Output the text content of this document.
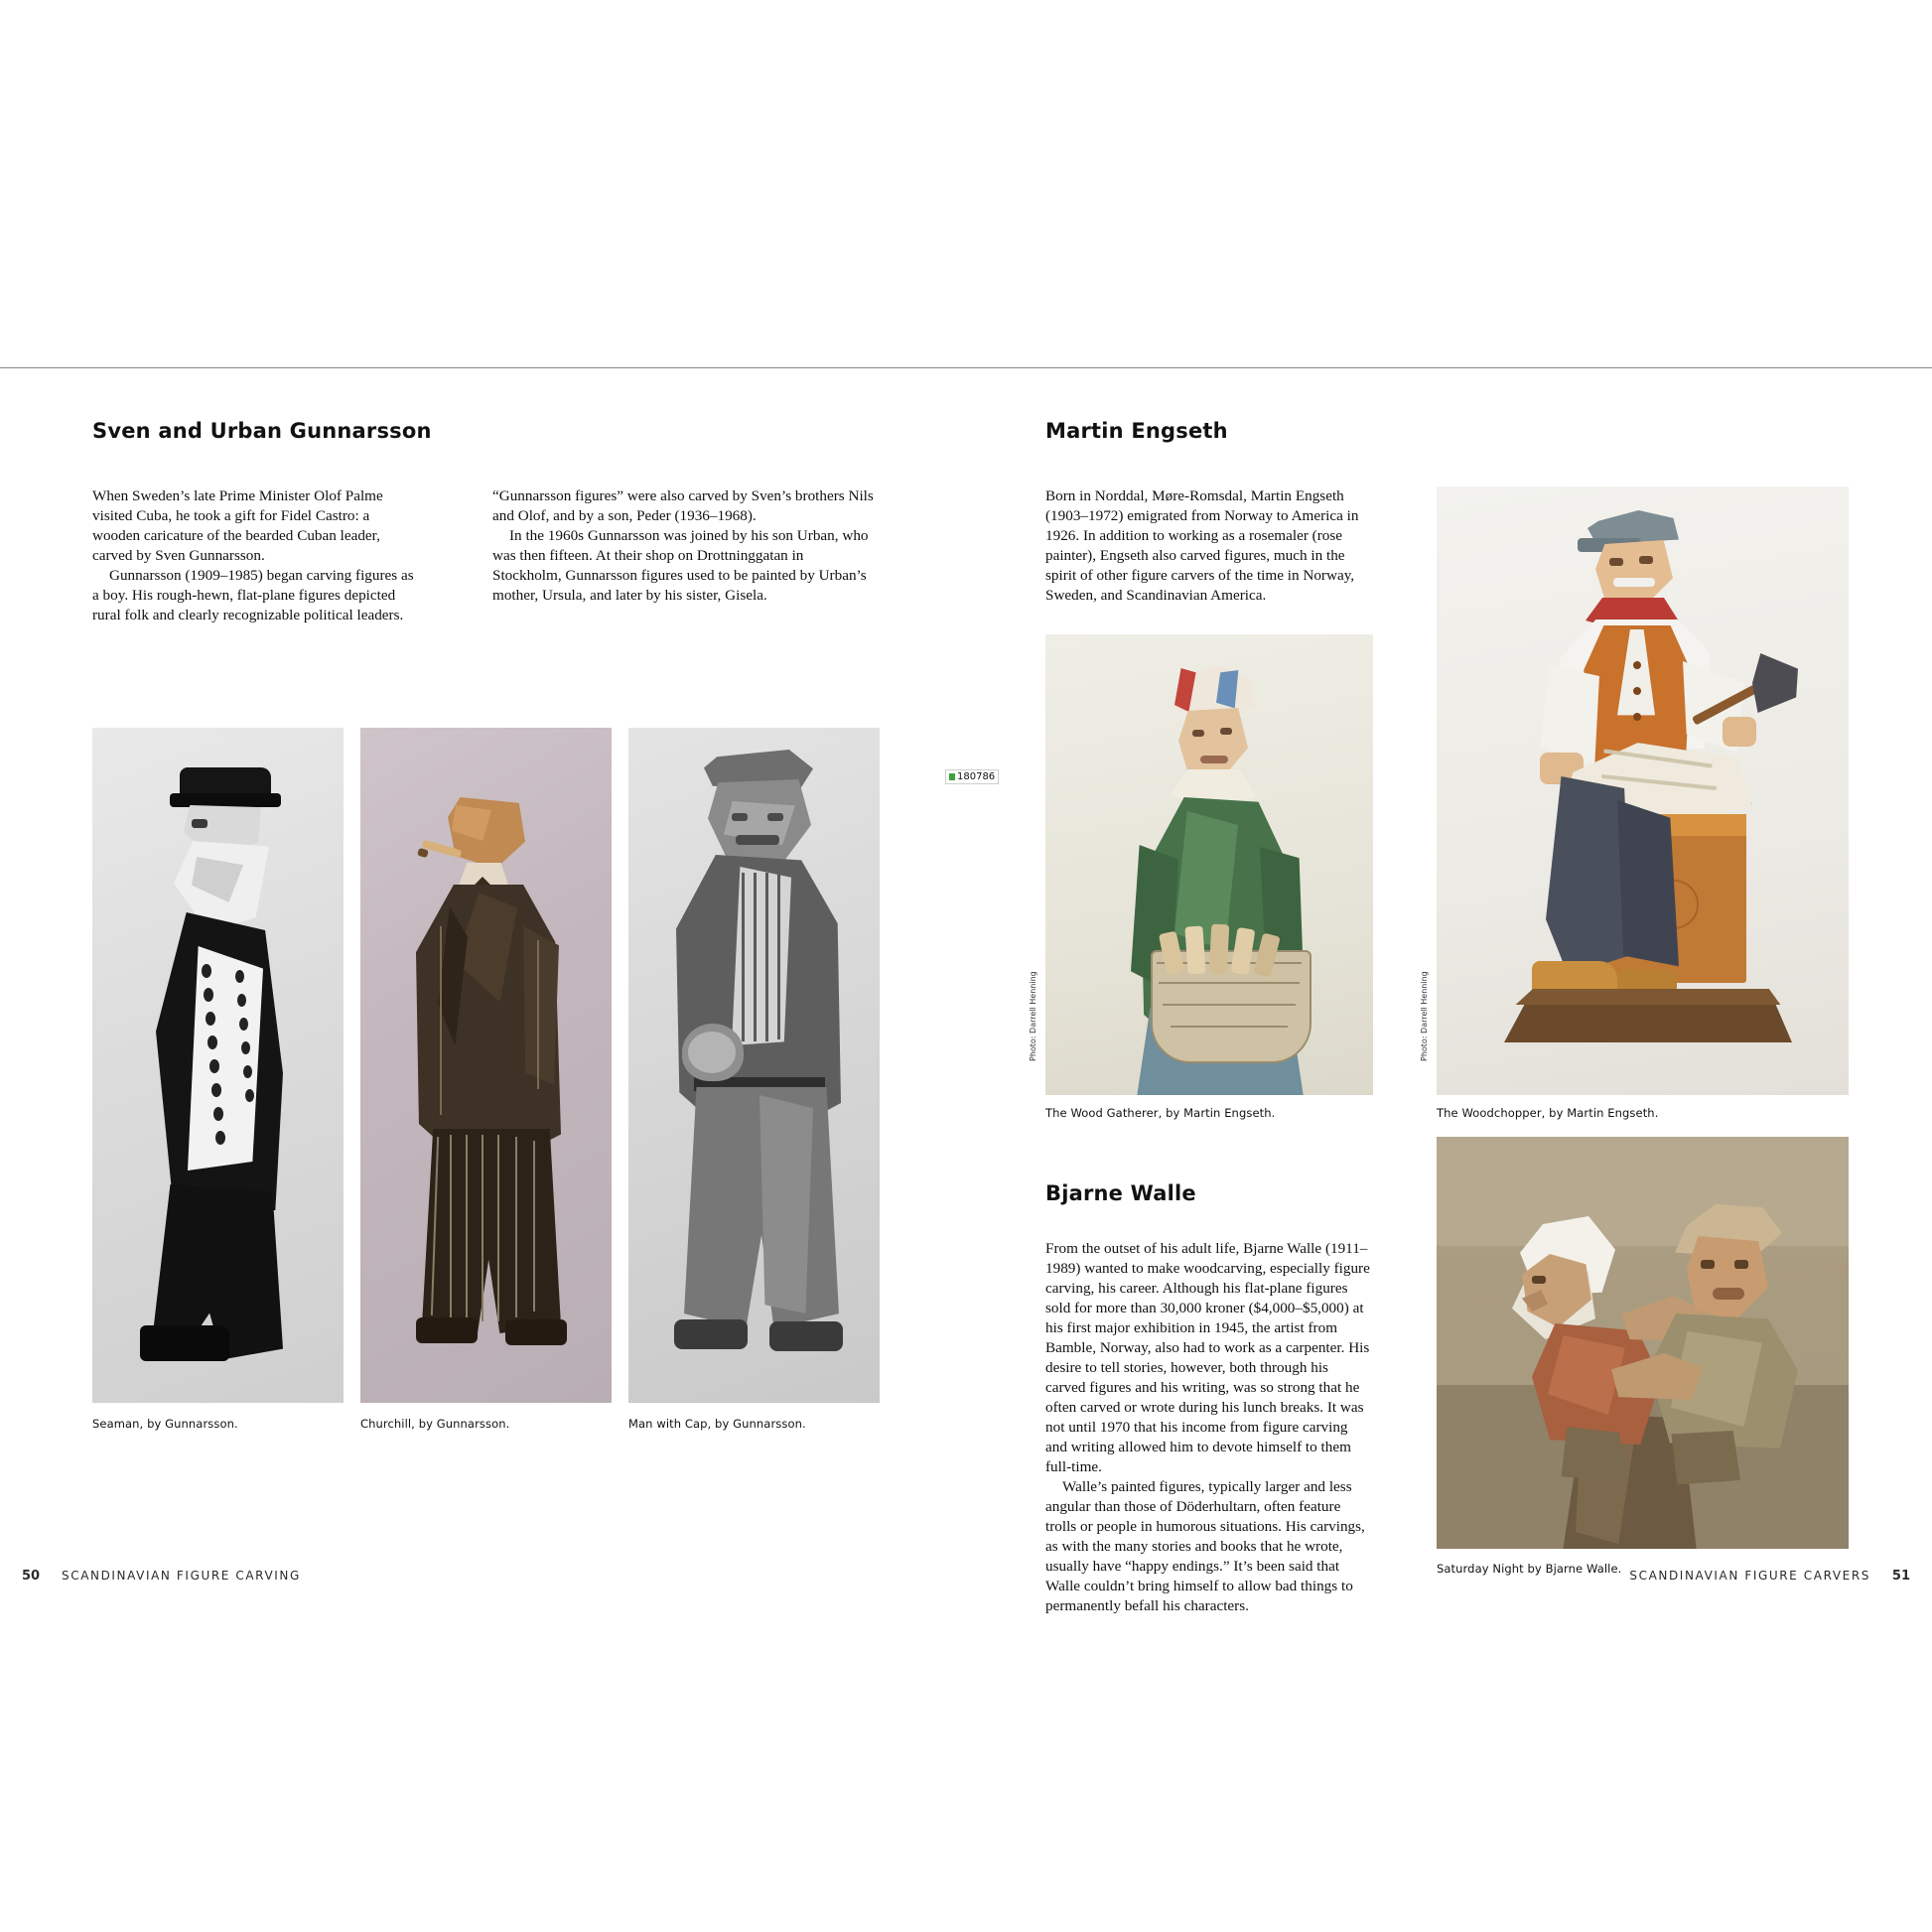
Sven and Urban Gunnarsson

When Sweden’s late Prime Minister Olof Palme visited Cuba, he took a gift for Fidel Castro: a wooden caricature of the bearded Cuban leader, carved by Sven Gunnarsson.

Gunnarsson (1909–1985) began carving figures as a boy. His rough-hewn, flat-plane figures depicted rural folk and clearly recognizable political leaders.

“Gunnarsson figures” were also carved by Sven’s brothers Nils and Olof, and by a son, Peder (1936–1968).

In the 1960s Gunnarsson was joined by his son Urban, who was then fifteen. At their shop on Drottninggatan in Stockholm, Gunnarsson figures used to be painted by Urban’s mother, Ursula, and later by his sister, Gisela.

Seaman, by Gunnarsson.	Churchill, by Gunnarsson.	Man with Cap, by Gunnarsson.
50 SCANDINAVIAN FIGURE CARVING
Martin Engseth

Born in Norddal, Møre-Romsdal, Martin Engseth (1903–1972) emigrated from Norway to America in 1926. In addition to working as a rosemaler (rose painter), Engseth also carved figures, much in the spirit of other figure carvers of the time in Norway, Sweden, and Scandinavian America.

Photo: Darrell Henning
The Wood Gatherer, by Martin Engseth.
Photo: Darrell Henning
The Woodchopper, by Martin Engseth.
Bjarne Walle

From the outset of his adult life, Bjarne Walle (1911–1989) wanted to make woodcarving, especially figure carving, his career. Although his flat-plane figures sold for more than 30,000 kroner ($4,000–$5,000) at his first major exhibition in 1945, the artist from Bamble, Norway, also had to work as a carpenter. His desire to tell stories, however, both through his carved figures and his writing, was so strong that he often carved or wrote during his lunch breaks. It was not until 1970 that his income from figure carving and writing allowed him to devote himself to them full-time.

Walle’s painted figures, typically larger and less angular than those of Döderhultarn, often feature trolls or people in humorous situations. His carvings, as with the many stories and books that he wrote, usually have “happy endings.” It’s been said that Walle couldn’t bring himself to allow bad things to permanently befall his characters.

Saturday Night by Bjarne Walle. SCANDINAVIAN FIGURE CARVERS 51
180786
